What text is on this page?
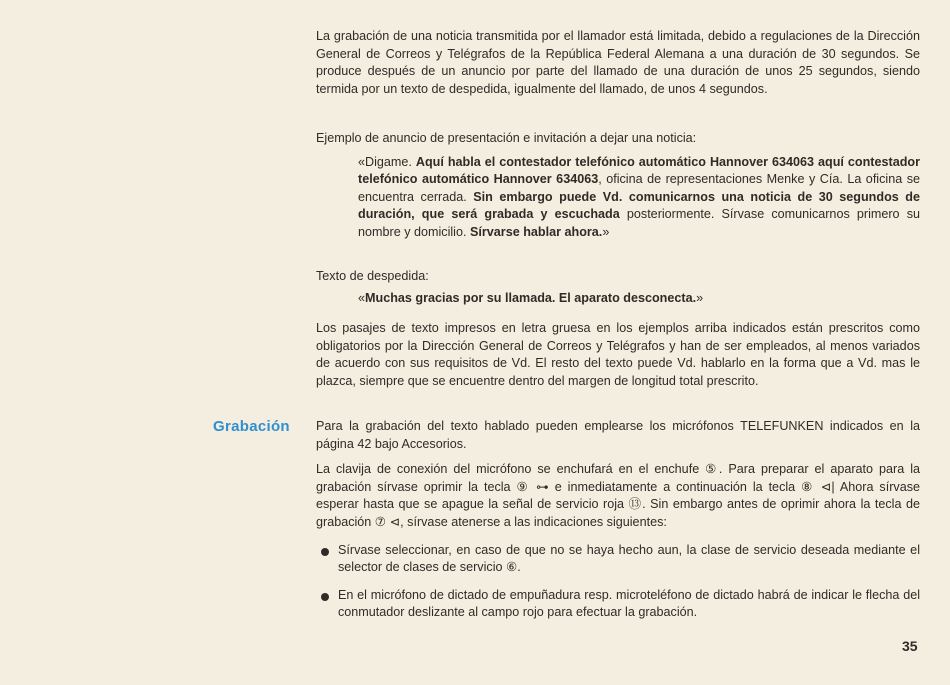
La grabación de una noticia transmitida por el llamador está limitada, debido a regulaciones de la Dirección General de Correos y Telégrafos de la República Federal Alemana a una duración de 30 segundos. Se produce después de un anuncio por parte del llamado de una duración de unos 25 segundos, siendo termida por un texto de despedida, igualmente del llamado, de unos 4 segundos.

Ejemplo de anuncio de presentación e invitación a dejar una noticia:

«Digame. Aquí habla el contestador telefónico automático Hannover 634063 aquí contestador telefónico automático Hannover 634063, oficina de representaciones Menke y Cía. La oficina se encuentra cerrada. Sin embargo puede Vd. comunicarnos una noticia de 30 segundos de duración, que será grabada y escuchada posteriormente. Sírvase comunicarnos primero su nombre y domicilio. Sírvarse hablar ahora.»

Texto de despedida:

«Muchas gracias por su llamada. El aparato desconecta.»

Los pasajes de texto impresos en letra gruesa en los ejemplos arriba indicados están prescritos como obligatorios por la Dirección General de Correos y Telégrafos y han de ser empleados, al menos variados de acuerdo con sus requisitos de Vd. El resto del texto puede Vd. hablarlo en la forma que a Vd. mas le plazca, siempre que se encuentre dentro del margen de longitud total prescrito.

Grabación Para la grabación del texto hablado pueden emplearse los micrófonos TELEFUNKEN indicados en la página 42 bajo Accesorios.

La clavija de conexión del micrófono se enchufará en el enchufe ⑤. Para preparar el aparato para la grabación sírvase oprimir la tecla ⑨ ⊶ e inmediatamente a continuación la tecla ⑧ ⊲| Ahora sírvase esperar hasta que se apague la señal de servicio roja ⑬. Sin embargo antes de oprimir ahora la tecla de grabación ⑦ ⊲, sírvase atenerse a las indicaciones siguientes:

Sírvase seleccionar, en caso de que no se haya hecho aun, la clase de servicio deseada mediante el selector de clases de servicio ⑥.
En el micrófono de dictado de empuñadura resp. microteléfono de dictado habrá de indicar le flecha del conmutador deslizante al campo rojo para efectuar la grabación.
35
